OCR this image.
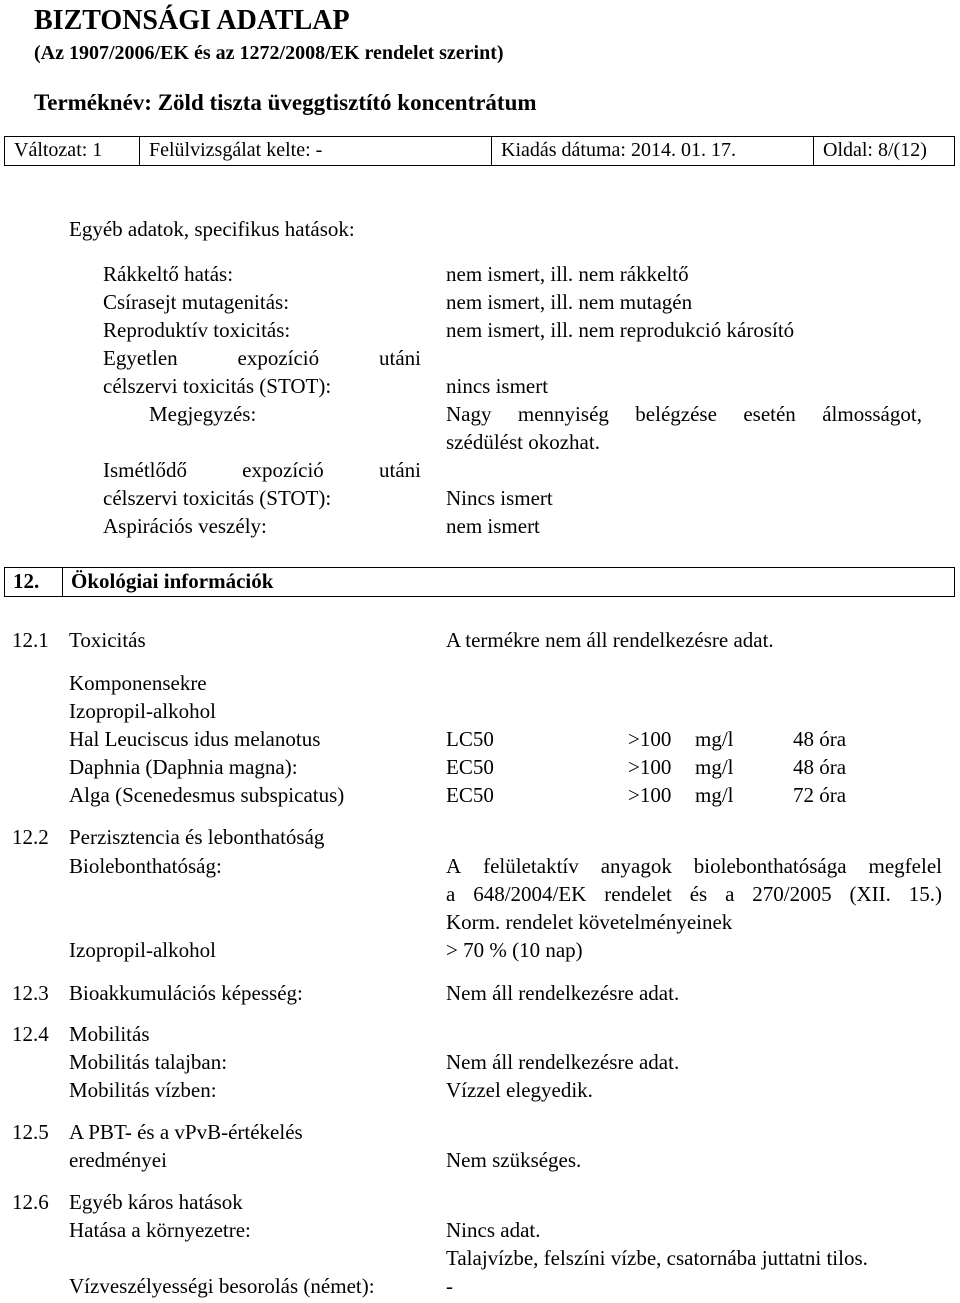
BIZTONSÁGI ADATLAP
(Az 1907/2006/EK és az 1272/2008/EK rendelet szerint)
Terméknév: Zöld tiszta üveggtisztító koncentrátum
Változat: 1	Felülvizsgálat kelte: -	Kiadás dátuma: 2014. 01. 17.	Oldal: 8/(12)
Egyéb adatok, specifikus hatások:
Rákkeltő hatás:	nem ismert, ill. nem rákkeltő
Csírasejt mutagenitás:	nem ismert, ill. nem mutagén
Reproduktív toxicitás:	nem ismert, ill. nem reprodukció károsító
Egyetlen	expozíció	utáni
célszervi toxicitás (STOT):	nincs ismert
Megjegyzés:	Nagy mennyiség belégzése esetén álmosságot,
szédülést okozhat.
Ismétlődő	expozíció	utáni
célszervi toxicitás (STOT):	Nincs ismert
Aspirációs veszély:	nem ismert
12.	Ökológiai információk
12.1 Toxicitás	A termékre nem áll rendelkezésre adat.
Komponensekre
Izopropil-alkohol
Hal Leuciscus idus melanotus	LC50	>100 mg/l	48 óra
Daphnia (Daphnia magna):	EC50	>100 mg/l	48 óra
Alga (Scenedesmus subspicatus)	EC50	>100 mg/l	72 óra
12.2 Perzisztencia és lebonthatóság
Biolebonthatóság:	A felületaktív anyagok biolebonthatósága megfelel
a 648/2004/EK rendelet és a 270/2005 (XII. 15.)
Korm. rendelet követelményeinek
Izopropil-alkohol	> 70 % (10 nap)
12.3 Bioakkumulációs képesség:	Nem áll rendelkezésre adat.
12.4 Mobilitás
Mobilitás talajban:	Nem áll rendelkezésre adat.
Mobilitás vízben:	Vízzel elegyedik.
12.5 A PBT- és a vPvB-értékelés
eredményei	Nem szükséges.
12.6 Egyéb káros hatások
Hatása a környezetre:	Nincs adat.
Talajvízbe, felszíni vízbe, csatornába juttatni tilos.
Vízveszélyességi besorolás (német):	-
